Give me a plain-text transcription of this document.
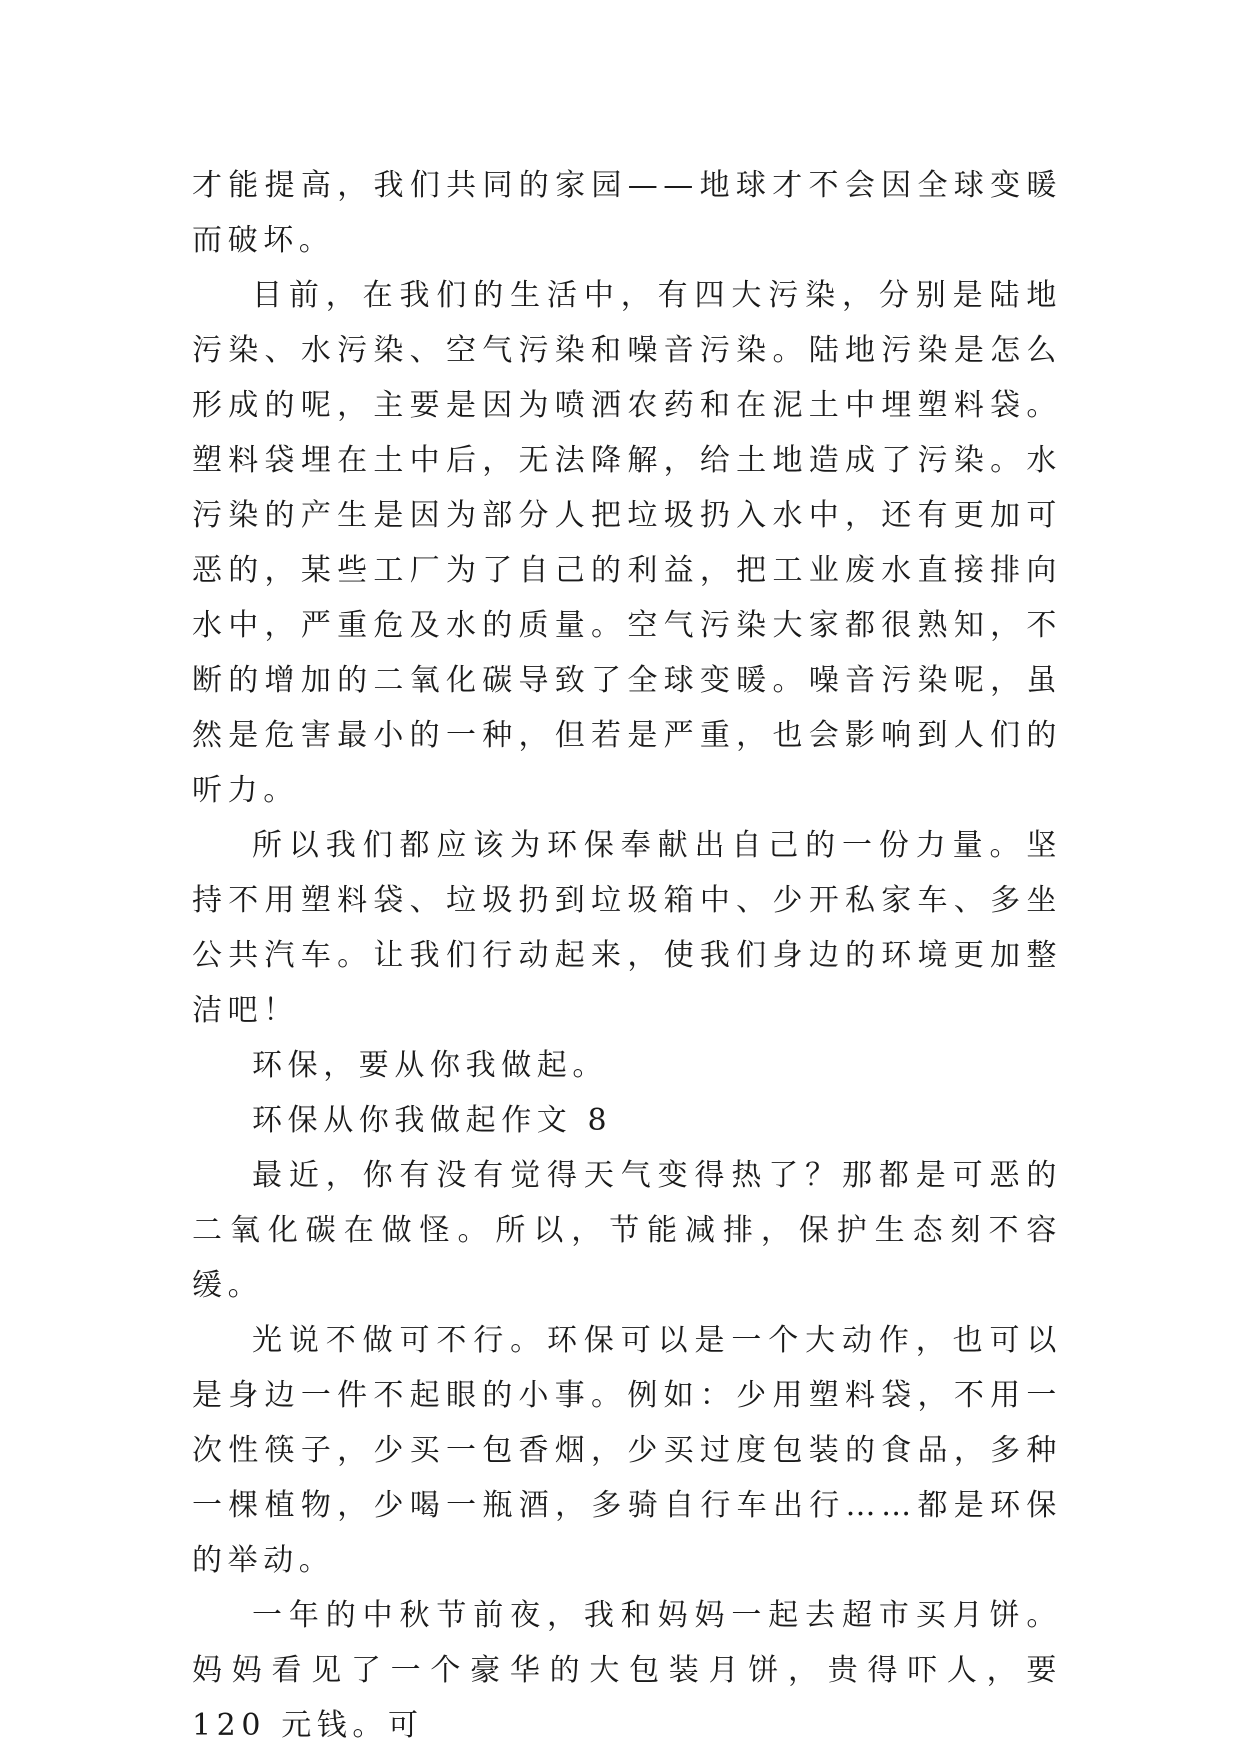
才能提高，我们共同的家园——地球才不会因全球变暖而破坏。

目前，在我们的生活中，有四大污染，分别是陆地污染、水污染、空气污染和噪音污染。陆地污染是怎么形成的呢，主要是因为喷洒农药和在泥土中埋塑料袋。塑料袋埋在土中后，无法降解，给土地造成了污染。水污染的产生是因为部分人把垃圾扔入水中，还有更加可恶的，某些工厂为了自己的利益，把工业废水直接排向水中，严重危及水的质量。空气污染大家都很熟知，不断的增加的二氧化碳导致了全球变暖。噪音污染呢，虽然是危害最小的一种，但若是严重，也会影响到人们的听力。

所以我们都应该为环保奉献出自己的一份力量。坚持不用塑料袋、垃圾扔到垃圾箱中、少开私家车、多坐公共汽车。让我们行动起来，使我们身边的环境更加整洁吧！

环保，要从你我做起。

环保从你我做起作文 8

最近，你有没有觉得天气变得热了？那都是可恶的二氧化碳在做怪。所以，节能减排，保护生态刻不容缓。

光说不做可不行。环保可以是一个大动作，也可以是身边一件不起眼的小事。例如：少用塑料袋，不用一次性筷子，少买一包香烟，少买过度包装的食品，多种一棵植物，少喝一瓶酒，多骑自行车出行……都是环保的举动。

一年的中秋节前夜，我和妈妈一起去超市买月饼。妈妈看见了一个豪华的大包装月饼，贵得吓人，要 120 元钱。可
